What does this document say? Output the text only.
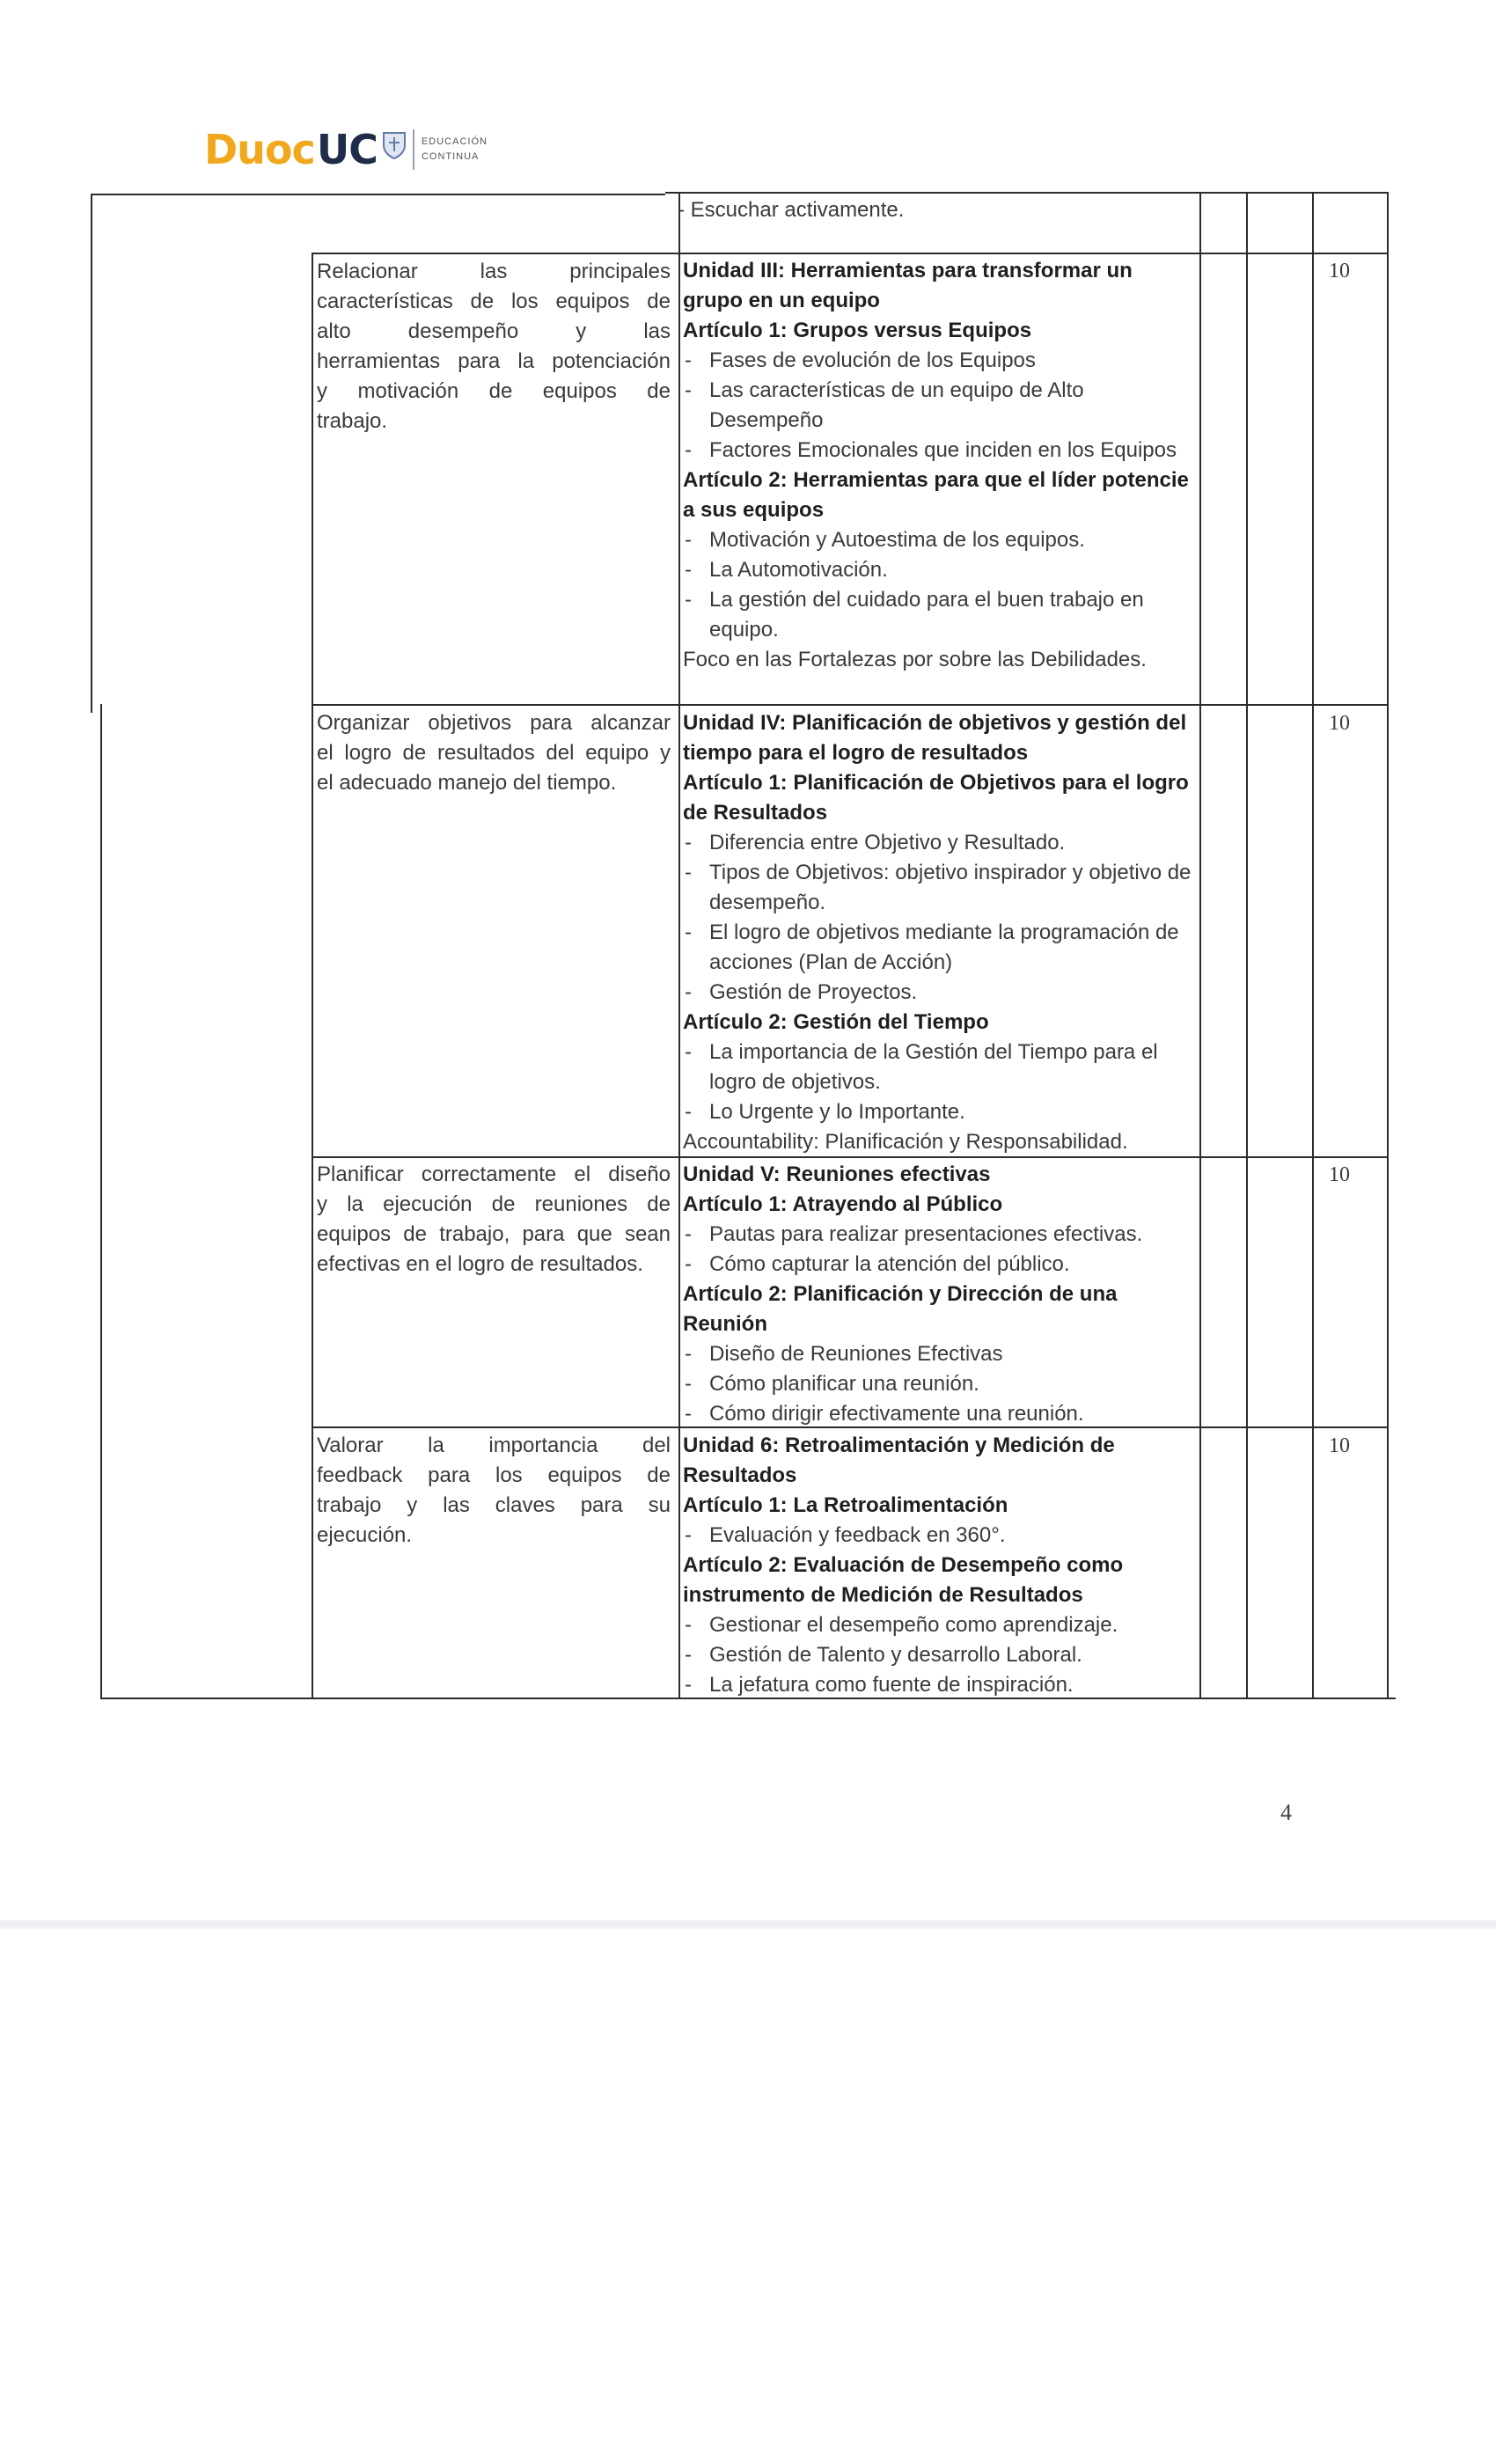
Duoc UC	EDUCACIÓN
CONTINUA
- Escuchar activamente.
Relacionar las principales
características de los equipos de
alto desempeño y las
herramientas para la potenciación
y motivación de equipos de
trabajo.

Unidad III: Herramientas para transformar un grupo en un equipo

Artículo 1: Grupos versus Equipos

- Fases de evolución de los Equipos
- Las características de un equipo de Alto Desempeño
- Factores Emocionales que inciden en los Equipos

Artículo 2: Herramientas para que el líder potencie a sus equipos

- Motivación y Autoestima de los equipos.
- La Automotivación.
- La gestión del cuidado para el buen trabajo en equipo.

Foco en las Fortalezas por sobre las Debilidades.

10
Organizar objetivos para alcanzar
el logro de resultados del equipo y
el adecuado manejo del tiempo.

Unidad IV: Planificación de objetivos y gestión del tiempo para el logro de resultados

Artículo 1: Planificación de Objetivos para el logro de Resultados

- Diferencia entre Objetivo y Resultado.
- Tipos de Objetivos: objetivo inspirador y objetivo de desempeño.
- El logro de objetivos mediante la programación de acciones (Plan de Acción)
- Gestión de Proyectos.

Artículo 2: Gestión del Tiempo

- La importancia de la Gestión del Tiempo para el logro de objetivos.
- Lo Urgente y lo Importante.

Accountability: Planificación y Responsabilidad.

10
Planificar correctamente el diseño
y la ejecución de reuniones de
equipos de trabajo, para que sean
efectivas en el logro de resultados.

Unidad V: Reuniones efectivas

Artículo 1: Atrayendo al Público

- Pautas para realizar presentaciones efectivas.
- Cómo capturar la atención del público.

Artículo 2: Planificación y Dirección de una Reunión

- Diseño de Reuniones Efectivas
- Cómo planificar una reunión.
- Cómo dirigir efectivamente una reunión.
10
Valorar la importancia del
feedback para los equipos de
trabajo y las claves para su
ejecución.

Unidad 6: Retroalimentación y Medición de Resultados

Artículo 1: La Retroalimentación

- Evaluación y feedback en 360°.

Artículo 2: Evaluación de Desempeño como instrumento de Medición de Resultados

- Gestionar el desempeño como aprendizaje.
- Gestión de Talento y desarrollo Laboral.
- La jefatura como fuente de inspiración.
10
4
